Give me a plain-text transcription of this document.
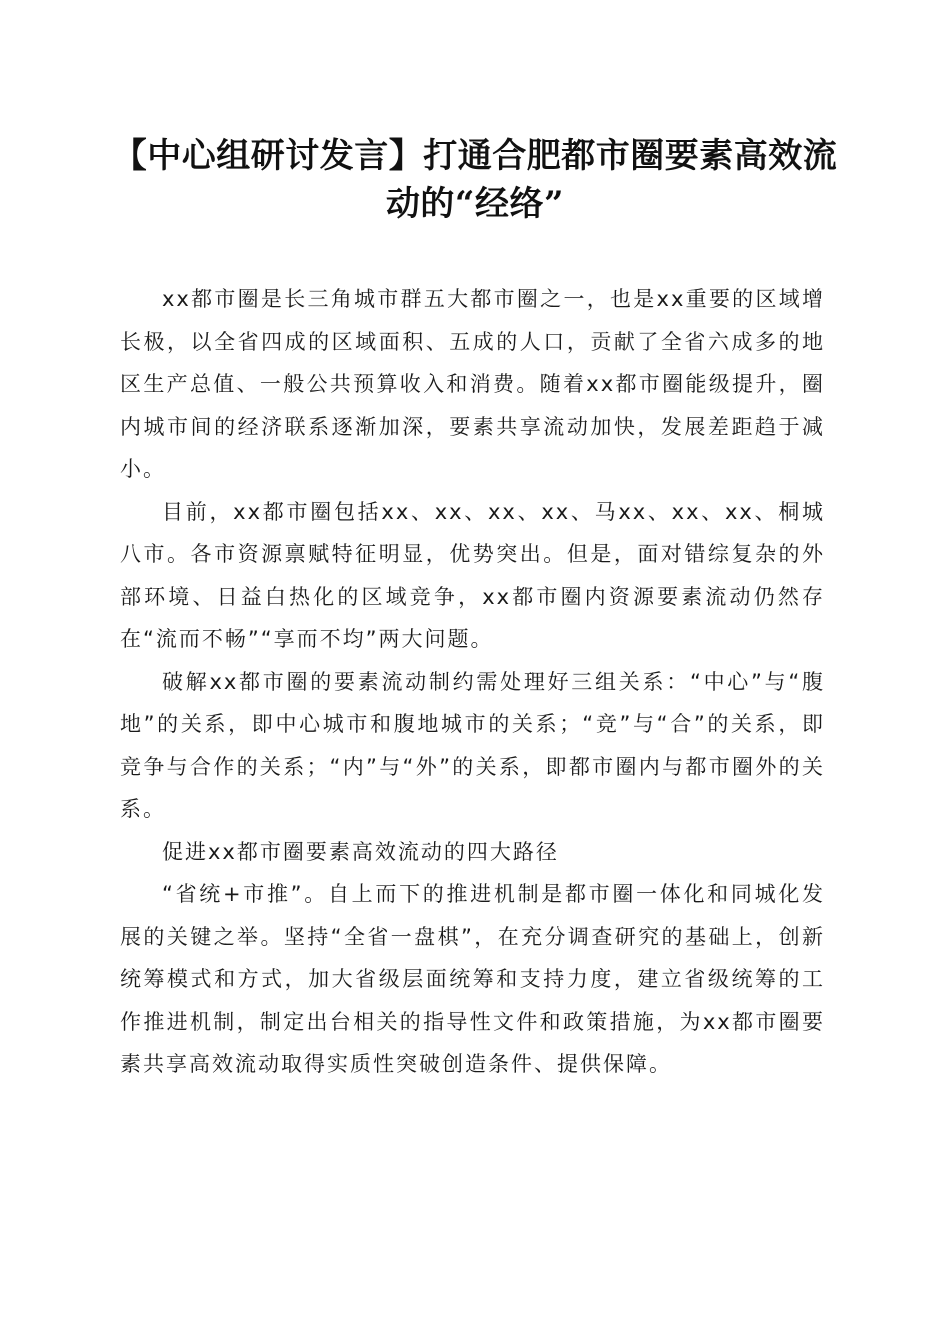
【中心组研讨发言】打通合肥都市圈要素高效流动的“经络”

xx都市圈是长三角城市群五大都市圈之一，也是xx重要的区域增长极，以全省四成的区域面积、五成的人口，贡献了全省六成多的地区生产总值、一般公共预算收入和消费。随着xx都市圈能级提升，圈内城市间的经济联系逐渐加深，要素共享流动加快，发展差距趋于减小。

目前，xx都市圈包括xx、xx、xx、xx、马xx、xx、xx、桐城八市。各市资源禀赋特征明显，优势突出。但是，面对错综复杂的外部环境、日益白热化的区域竞争，xx都市圈内资源要素流动仍然存在“流而不畅”“享而不均”两大问题。

破解xx都市圈的要素流动制约需处理好三组关系：“中心”与“腹地”的关系，即中心城市和腹地城市的关系；“竞”与“合”的关系，即竞争与合作的关系；“内”与“外”的关系，即都市圈内与都市圈外的关系。

促进xx都市圈要素高效流动的四大路径

“省统+市推”。自上而下的推进机制是都市圈一体化和同城化发展的关键之举。坚持“全省一盘棋”，在充分调查研究的基础上，创新统筹模式和方式，加大省级层面统筹和支持力度，建立省级统筹的工作推进机制，制定出台相关的指导性文件和政策措施，为xx都市圈要素共享高效流动取得实质性突破创造条件、提供保障。
